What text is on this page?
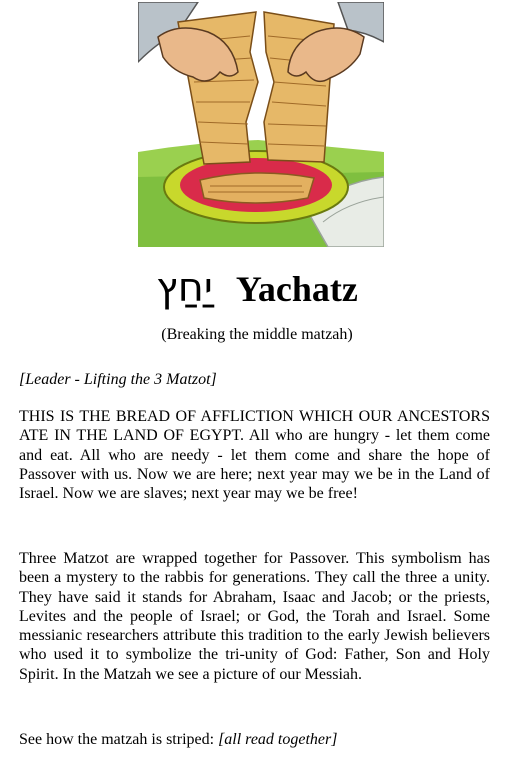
יַחַץ Yachatz
(Breaking the middle matzah)

[Leader - Lifting the 3 Matzot]

THIS IS THE BREAD OF AFFLICTION WHICH OUR ANCESTORS ATE IN THE LAND OF EGYPT. All who are hungry - let them come and eat. All who are needy - let them come and share the hope of Passover with us. Now we are here; next year may we be in the Land of Israel. Now we are slaves; next year may we be free!

Three Matzot are wrapped together for Passover. This symbolism has been a mystery to the rabbis for generations. They call the three a unity. They have said it stands for Abraham, Isaac and Jacob; or the priests, Levites and the people of Israel; or God, the Torah and Israel. Some messianic researchers attribute this tradition to the early Jewish believers who used it to symbolize the tri-unity of God: Father, Son and Holy Spirit. In the Matzah we see a picture of our Messiah.

See how the matzah is striped: [all read together]
